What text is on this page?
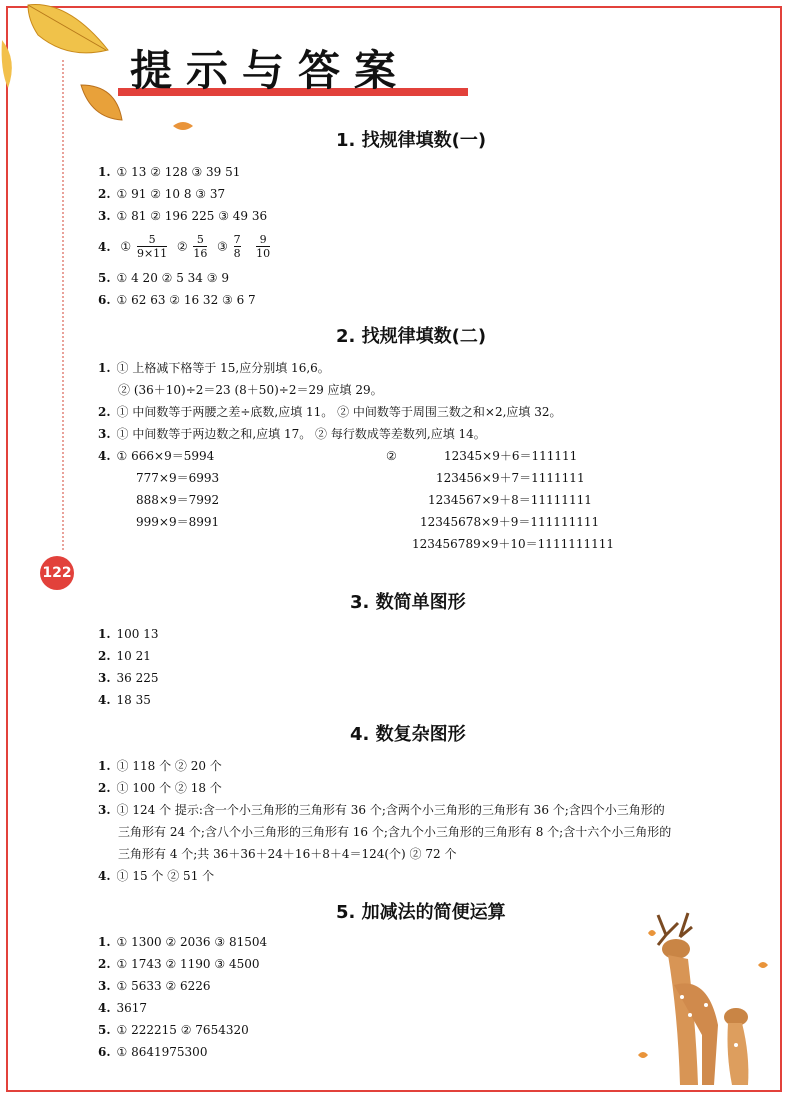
提示与答案
122
1. 找规律填数(一)
1. ① 13 ② 128 ③ 39 51
2. ① 91 ② 10 8 ③ 37
3. ① 81 ② 196 225 ③ 49 36
4. ① $\frac{5}{9\times 11}$ ② $\frac{5}{16}$ ③ $\frac{7}{8}$
$\frac{9}{10}$
5. ① 4 20 ② 5 34 ③ 9
6. ① 62 63 ② 16 32 ③ 6 7
2. 找规律填数(二)
1. ① 上格减下格等于 15,应分别填 16,6。
② (36＋10)÷2＝23 (8＋50)÷2＝29 应填 29。
2. ① 中间数等于两腰之差÷底数,应填 11。 ② 中间数等于周围三数之和×2,应填 32。
3. ① 中间数等于两边数之和,应填 17。 ② 每行数成等差数列,应填 14。
4. ① 666×9＝5994
777×9＝6993
888×9＝7992
999×9＝8991
②	12345×9＋6＝111111
123456×9＋7＝1111111
1234567×9＋8＝11111111
12345678×9＋9＝111111111
123456789×9＋10＝1111111111
3. 数简单图形
1. 100 13
2. 10 21
3. 36 225
4. 18 35
4. 数复杂图形
1. ① 118 个 ② 20 个
2. ① 100 个 ② 18 个
3. ① 124 个 提示:含一个小三角形的三角形有 36 个;含两个小三角形的三角形有 36 个;含四个小三角形的
三角形有 24 个;含八个小三角形的三角形有 16 个;含九个小三角形的三角形有 8 个;含十六个小三角形的
三角形有 4 个;共 36＋36＋24＋16＋8＋4＝124(个) ② 72 个
4. ① 15 个 ② 51 个
5. 加减法的简便运算
1. ① 1300 ② 2036 ③ 81504
2. ① 1743 ② 1190 ③ 4500
3. ① 5633 ② 6226
4. 3617
5. ① 222215 ② 7654320
6. ① 8641975300
